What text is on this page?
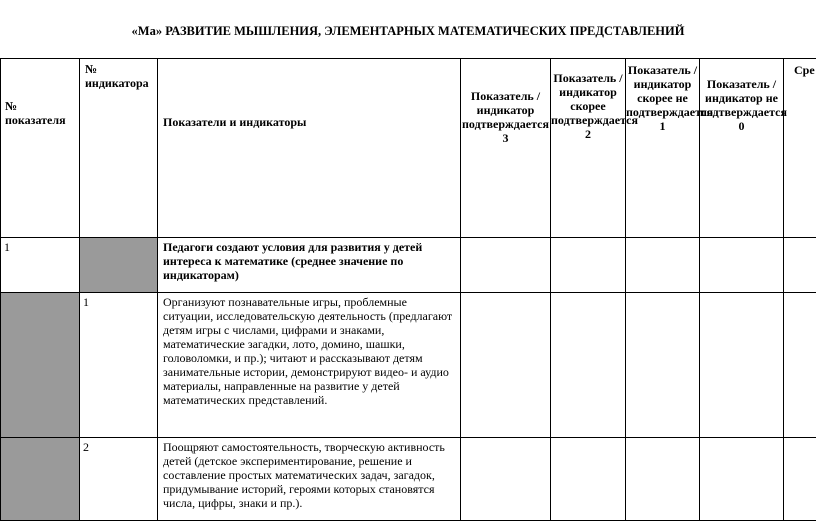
«Ма» РАЗВИТИЕ МЫШЛЕНИЯ, ЭЛЕМЕНТАРНЫХ МАТЕМАТИЧЕСКИХ ПРЕДСТАВЛЕНИЙ
№ показателя	№ индикатора	Показатели и индикаторы	Показатель /индикатор подтверждается 3	Показатель /индикатор скорее подтверждается 2	Показатель /индикатор скорее не подтверждается 1	Показатель /индикатор не подтверждается 0	Сре
1		Педагоги создают условия для развития у детей интереса к математике (среднее значение по индикаторам)					
	1	Организуют познавательные игры, проблемные ситуации, исследовательскую деятельность (предлагают детям игры с числами, цифрами и знаками, математические загадки, лото, домино, шашки, головоломки, и пр.); читают и рассказывают детям занимательные истории, демонстрируют видео- и аудио материалы, направленные на развитие у детей математических представлений.					
	2	Поощряют самостоятельность, творческую активность детей (детское экспериментирование, решение и составление простых математических задач, загадок, придумывание историй, героями которых становятся числа, цифры, знаки и пр.).					
